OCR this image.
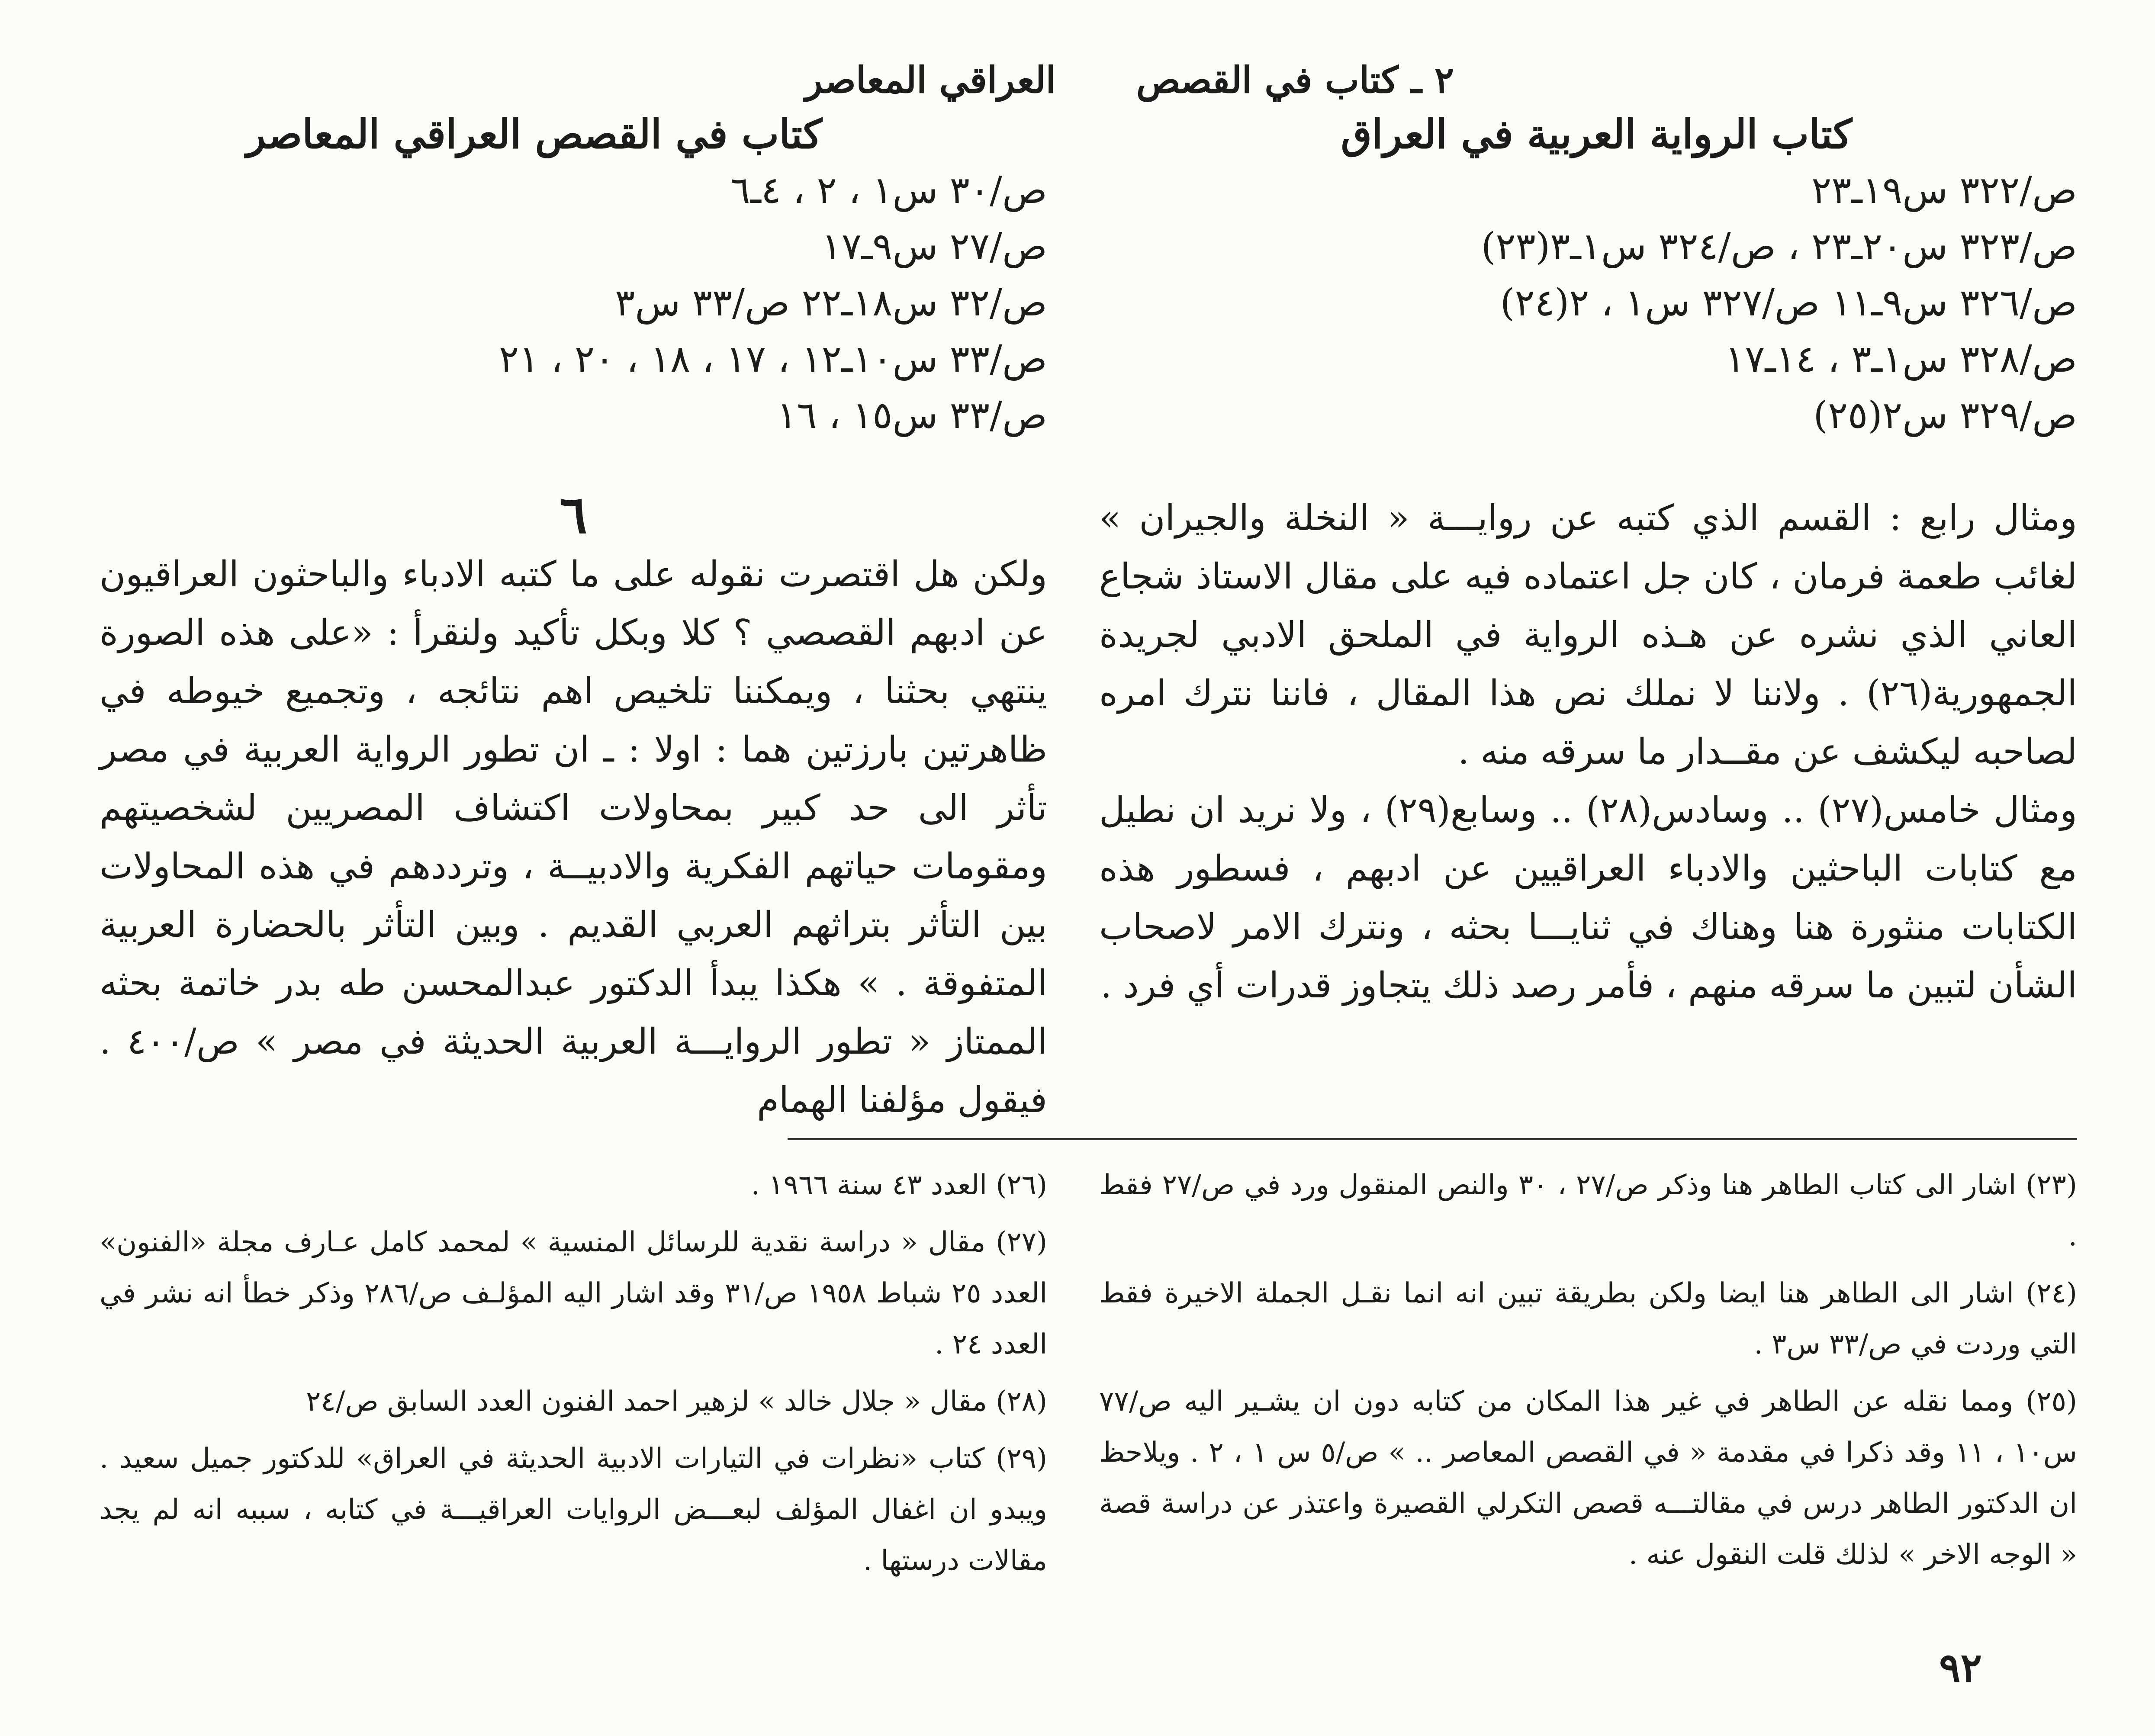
٢ ـ كتاب في القصص
العراقي المعاصر
كتاب الرواية العربية في العراق
ص/٣٢٢ س١٩ـ٢٣
ص/٣٢٣ س٢٠ـ٢٣ ، ص/٣٢٤ س١ـ٣(٢٣)
ص/٣٢٦ س٩ـ١١ ص/٣٢٧ س١ ، ٢(٢٤)
ص/٣٢٨ س١ـ٣ ، ١٤ـ١٧
ص/٣٢٩ س٢(٢٥)
كتاب في القصص العراقي المعاصر
ص/٣٠ س١ ، ٢ ، ٤ـ٦
ص/٢٧ س٩ـ١٧
ص/٣٢ س١٨ـ٢٢ ص/٣٣ س٣
ص/٣٣ س١٠ـ١٢ ، ١٧ ، ١٨ ، ٢٠ ، ٢١
ص/٣٣ س١٥ ، ١٦

ومثال رابع : القسم الذي كتبه عن روايـــة « النخلة والجيران » لغائب طعمة فرمان ، كان جل اعتماده فيه على مقال الاستاذ شجاع العاني الذي نشره عن هـذه الرواية في الملحق الادبي لجريدة الجمهورية(٢٦) . ولاننا لا نملك نص هذا المقال ، فاننا نترك امره لصاحبه ليكشف عن مقــدار ما سرقه منه .

ومثال خامس(٢٧) .. وسادس(٢٨) .. وسابع(٢٩) ، ولا نريد ان نطيل مع كتابات الباحثين والادباء العراقيين عن ادبهم ، فسطور هذه الكتابات منثورة هنا وهناك في ثنايـــا بحثه ، ونترك الامر لاصحاب الشأن لتبين ما سرقه منهم ، فأمر رصد ذلك يتجاوز قدرات أي فرد .

٦

ولكن هل اقتصرت نقوله على ما كتبه الادباء والباحثون العراقيون عن ادبهم القصصي ؟ كلا وبكل تأكيد ولنقرأ : «على هذه الصورة ينتهي بحثنا ، ويمكننا تلخيص اهم نتائجه ، وتجميع خيوطه في ظاهرتين بارزتين هما : اولا : ـ ان تطور الرواية العربية في مصر تأثر الى حد كبير بمحاولات اكتشاف المصريين لشخصيتهم ومقومات حياتهم الفكرية والادبيــة ، وترددهم في هذه المحاولات بين التأثر بتراثهم العربي القديم . وبين التأثر بالحضارة العربية المتفوقة . » هكذا يبدأ الدكتور عبدالمحسن طه بدر خاتمة بحثه الممتاز « تطور الروايـــة العربية الحديثة في مصر » ص/٤٠٠ . فيقول مؤلفنا الهمام

(٢٣) اشار الى كتاب الطاهر هنا وذكر ص/٢٧ ، ٣٠ والنص المنقول ورد في ص/٢٧ فقط .

(٢٤) اشار الى الطاهر هنا ايضا ولكن بطريقة تبين انه انما نقـل الجملة الاخيرة فقط التي وردت في ص/٣٣ س٣ .

(٢٥) ومما نقله عن الطاهر في غير هذا المكان من كتابه دون ان يشـير اليه ص/٧٧ س١٠ ، ١١ وقد ذكرا في مقدمة « في القصص المعاصر .. » ص/٥ س ١ ، ٢ . ويلاحظ ان الدكتور الطاهر درس في مقالتـــه قصص التكرلي القصيرة واعتذر عن دراسة قصة « الوجه الاخر » لذلك قلت النقول عنه .

(٢٦) العدد ٤٣ سنة ١٩٦٦ .

(٢٧) مقال « دراسة نقدية للرسائل المنسية » لمحمد كامل عـارف مجلة «الفنون» العدد ٢٥ شباط ١٩٥٨ ص/٣١ وقد اشار اليه المؤلـف ص/٢٨٦ وذكر خطأ انه نشر في العدد ٢٤ .

(٢٨) مقال « جلال خالد » لزهير احمد الفنون العدد السابق ص/٢٤

(٢٩) كتاب «نظرات في التيارات الادبية الحديثة في العراق» للدكتور جميل سعيد . ويبدو ان اغفال المؤلف لبعـــض الروايات العراقيـــة في كتابه ، سببه انه لم يجد مقالات درستها .

٩٢
